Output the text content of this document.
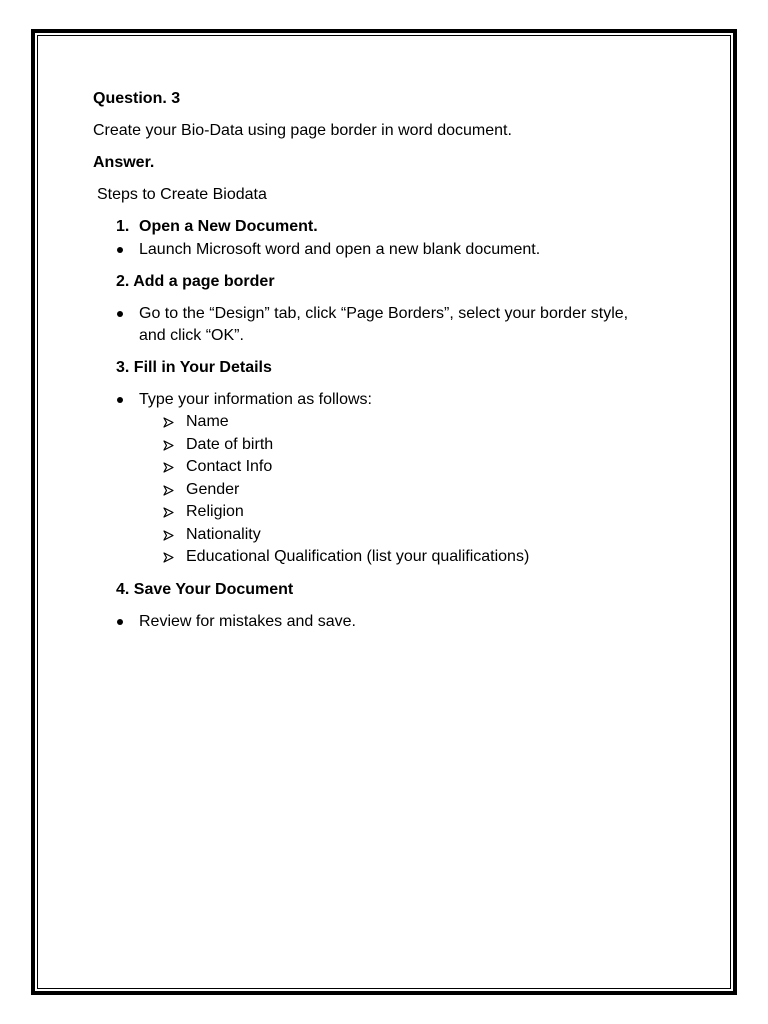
Question. 3

Create your Bio-Data using page border in word document.

Answer.

Steps to Create Biodata

1. Open a New Document.
Launch Microsoft word and open a new blank document.

2. Add a page border

Go to the “Design” tab, click “Page Borders”, select your border style, and click “OK”.

3. Fill in Your Details

Type your information as follows:
Name
Date of birth
Contact Info
Gender
Religion
Nationality
Educational Qualification (list your qualifications)

4. Save Your Document

Review for mistakes and save.
